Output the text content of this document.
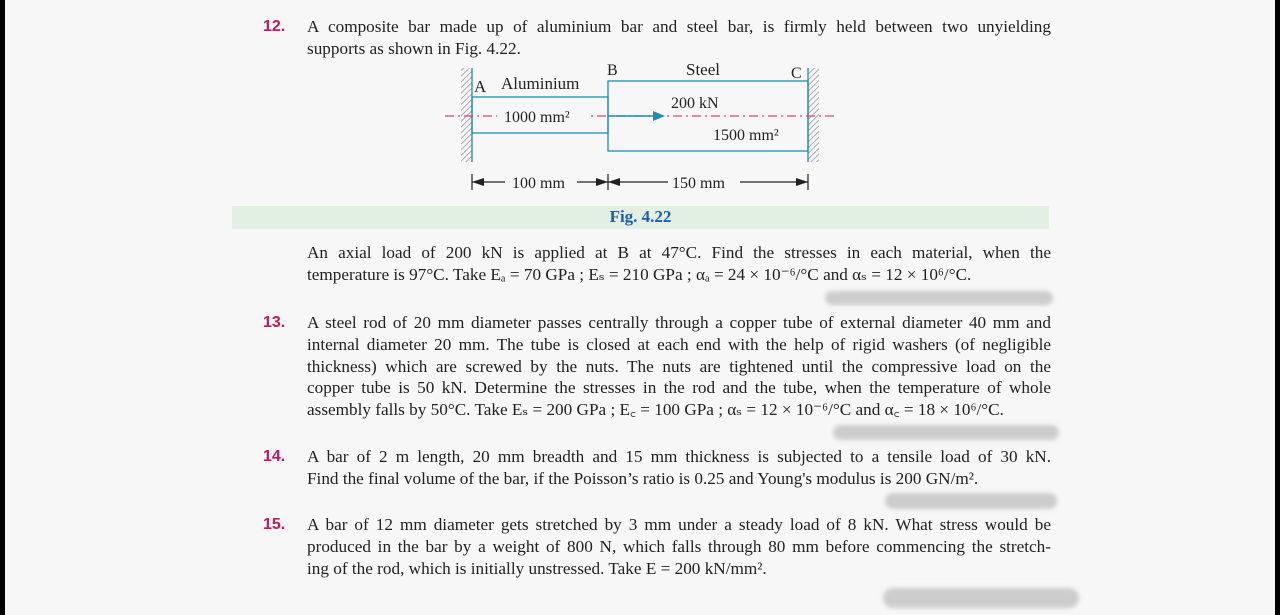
12. A composite bar made up of aluminium bar and steel bar, is firmly held between two unyielding
supports as shown in Fig. 4.22.
A Aluminium
B	Steel	C
200 kN
1000 mm²
1500 mm²
100 mm	150 mm
Fig. 4.22
An axial load of 200 kN is applied at B at 47°C. Find the stresses in each material, when the
temperature is 97°C. Take Eₐ = 70 GPa ; Eₛ = 210 GPa ; αₐ = 24 × 10⁻⁶/°C and αₛ = 12 × 10⁶/°C.
13. A steel rod of 20 mm diameter passes centrally through a copper tube of external diameter 40 mm and
internal diameter 20 mm. The tube is closed at each end with the help of rigid washers (of negligible
thickness) which are screwed by the nuts. The nuts are tightened until the compressive load on the
copper tube is 50 kN. Determine the stresses in the rod and the tube, when the temperature of whole
assembly falls by 50°C. Take Eₛ = 200 GPa ; E꜀ = 100 GPa ; αₛ = 12 × 10⁻⁶/°C and α꜀ = 18 × 10⁶/°C.
14. A bar of 2 m length, 20 mm breadth and 15 mm thickness is subjected to a tensile load of 30 kN.
Find the final volume of the bar, if the Poisson’s ratio is 0.25 and Young's modulus is 200 GN/m².
15. A bar of 12 mm diameter gets stretched by 3 mm under a steady load of 8 kN. What stress would be
produced in the bar by a weight of 800 N, which falls through 80 mm before commencing the stretch-
ing of the rod, which is initially unstressed. Take E = 200 kN/mm².
